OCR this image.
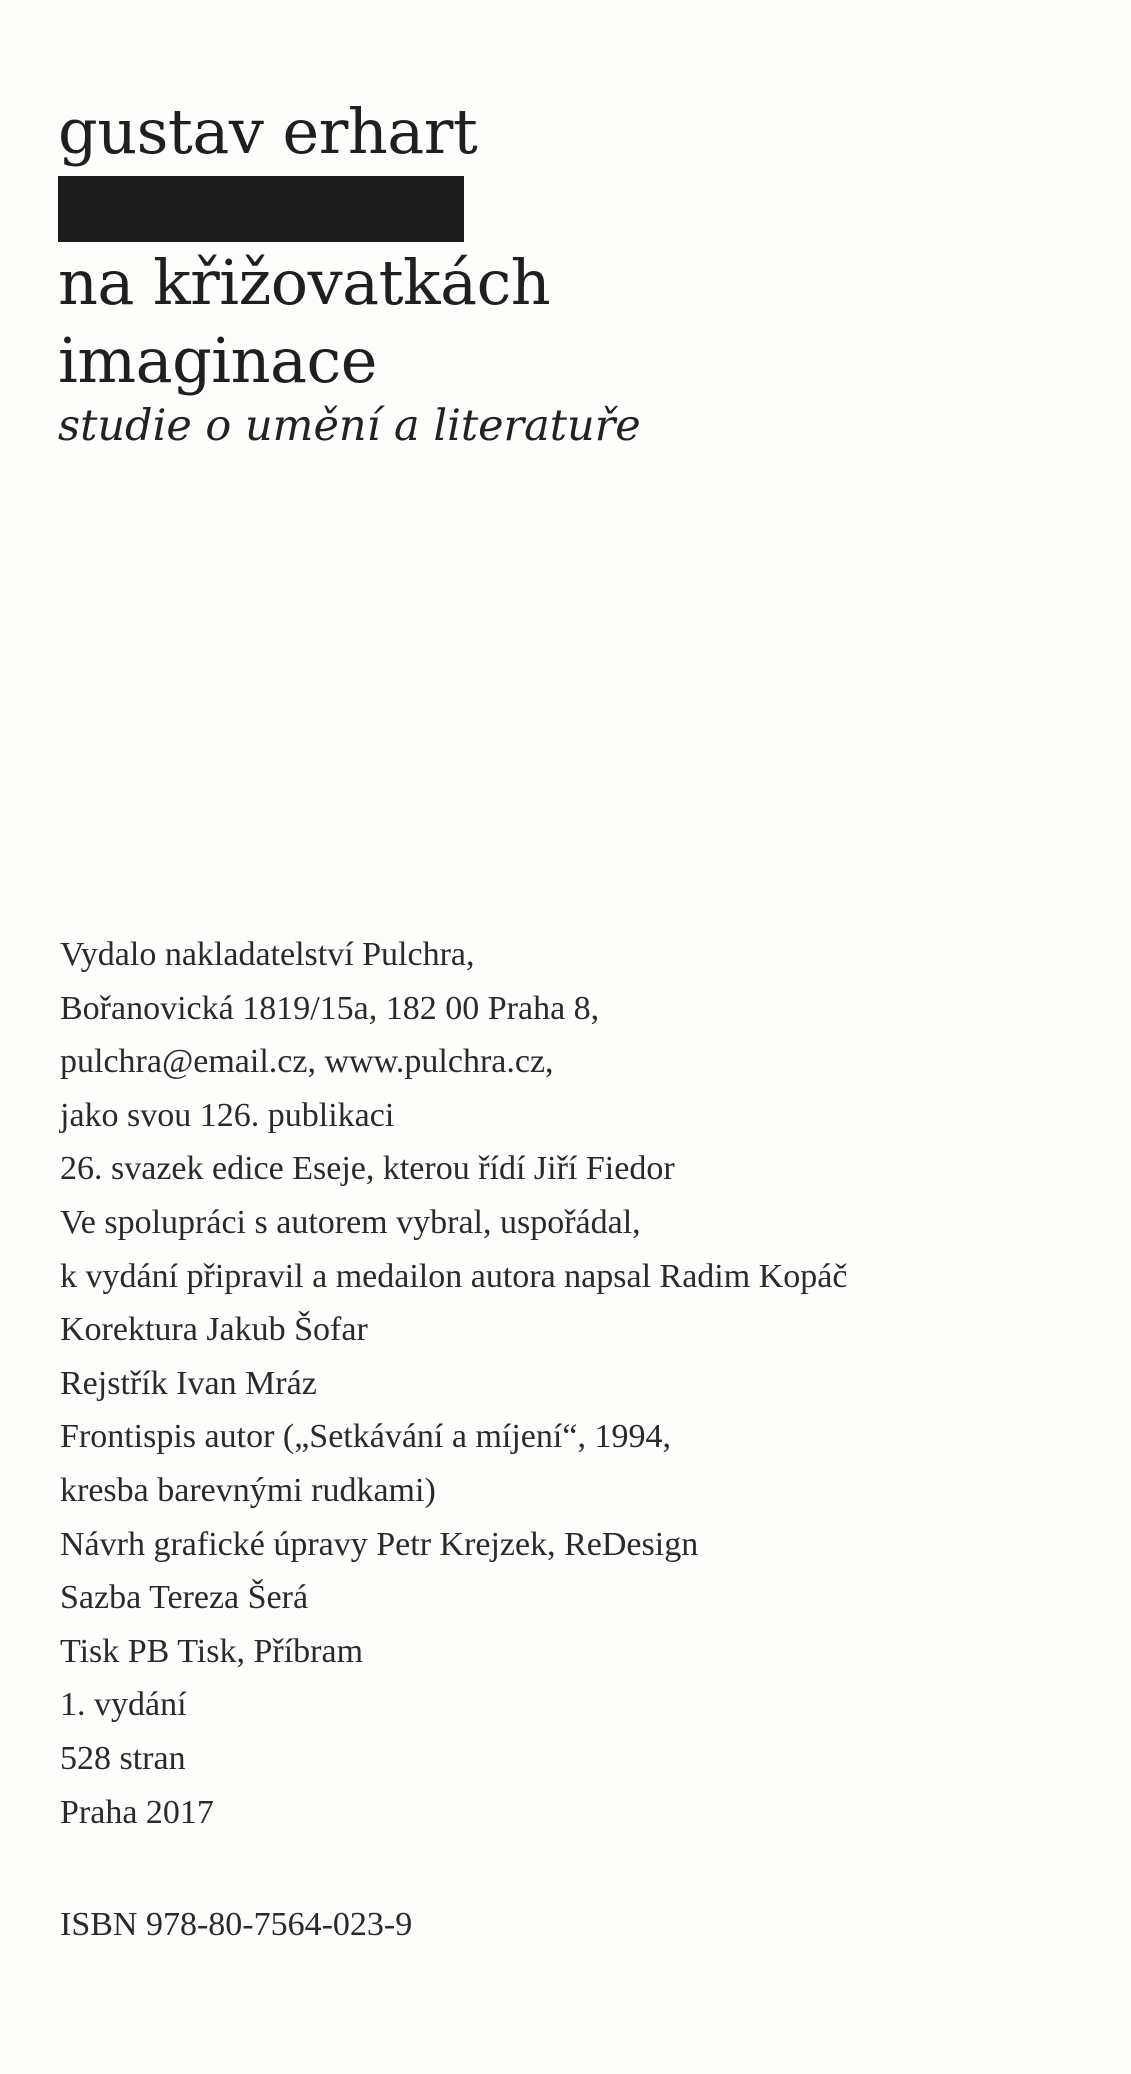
gustav erhart
na křižovatkách
imaginace
studie o umění a literatuře
Vydalo nakladatelství Pulchra,
Bořanovická 1819/15a, 182 00 Praha 8,
pulchra@email.cz, www.pulchra.cz,
jako svou 126. publikaci
26. svazek edice Eseje, kterou řídí Jiří Fiedor
Ve spolupráci s autorem vybral, uspořádal,
k vydání připravil a medailon autora napsal Radim Kopáč
Korektura Jakub Šofar
Rejstřík Ivan Mráz
Frontispis autor („Setkávání a míjení“, 1994,
kresba barevnými rudkami)
Návrh grafické úpravy Petr Krejzek, ReDesign
Sazba Tereza Šerá
Tisk PB Tisk, Příbram
1. vydání
528 stran
Praha 2017
ISBN 978-80-7564-023-9
